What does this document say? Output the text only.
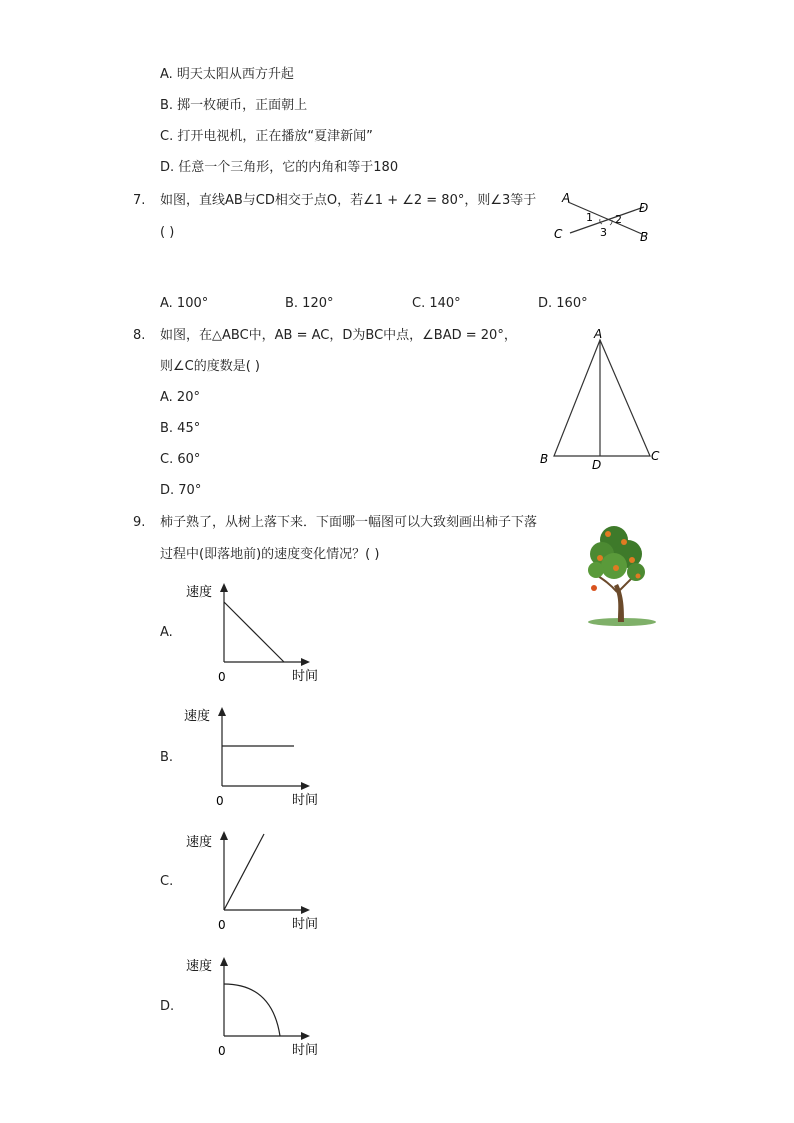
A. 明天太阳从西方升起
B. 掷一枚硬币，正面朝上
C. 打开电视机，正在播放“夏津新闻”
D. 任意一个三角形，它的内角和等于180
7. 如图，直线AB与CD相交于点O，若∠1 + ∠2 = 80°，则∠3等于
( )
A
D
C	B
1 2
3
A. 100°	B. 120°	C. 140°	D. 160°
8. 如图，在△ABC中，AB = AC，D为BC中点，∠BAD = 20°，
则∠C的度数是( )
A. 20°
B. 45°
C. 60°
D. 70°
A
B	C
D
9. 柿子熟了，从树上落下来．下面哪一幅图可以大致刻画出柿子下落
过程中(即落地前)的速度变化情况？( )
A.
速度
时间
0
B.
速度
时间
0
C.
速度
时间
0
D.
速度
时间
0
